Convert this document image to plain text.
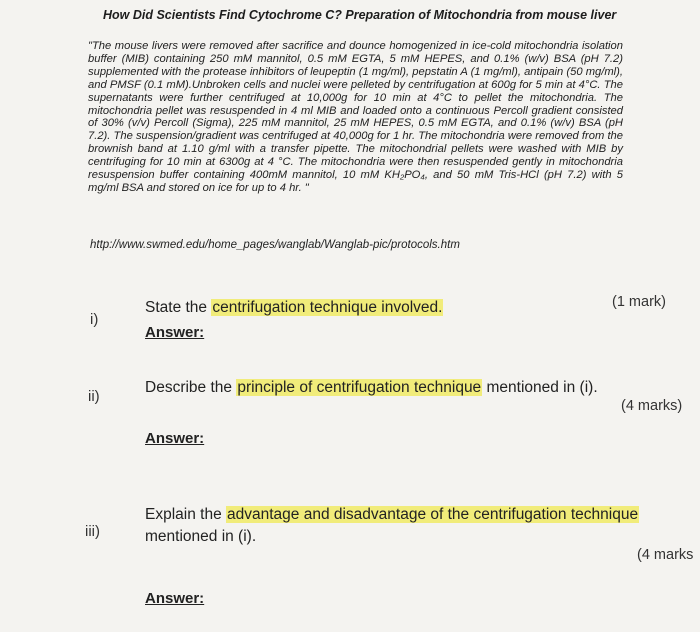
How Did Scientists Find Cytochrome C? Preparation of Mitochondria from mouse liver
"The mouse livers were removed after sacrifice and dounce homogenized in ice-cold mitochondria isolation buffer (MIB) containing 250 mM mannitol, 0.5 mM EGTA, 5 mM HEPES, and 0.1% (w/v) BSA (pH 7.2) supplemented with the protease inhibitors of leupeptin (1 mg/ml), pepstatin A (1 mg/ml), antipain (50 mg/ml), and PMSF (0.1 mM).Unbroken cells and nuclei were pelleted by centrifugation at 600g for 5 min at 4°C. The supernatants were further centrifuged at 10,000g for 10 min at 4°C to pellet the mitochondria. The mitochondria pellet was resuspended in 4 ml MIB and loaded onto a continuous Percoll gradient consisted of 30% (v/v) Percoll (Sigma), 225 mM mannitol, 25 mM HEPES, 0.5 mM EGTA, and 0.1% (w/v) BSA (pH 7.2). The suspension/gradient was centrifuged at 40,000g for 1 hr. The mitochondria were removed from the brownish band at 1.10 g/ml with a transfer pipette. The mitochondrial pellets were washed with MIB by centrifuging for 10 min at 6300g at 4 °C. The mitochondria were then resuspended gently in mitochondria resuspension buffer containing 400mM mannitol, 10 mM KH₂PO₄, and 50 mM Tris-HCl (pH 7.2) with 5 mg/ml BSA and stored on ice for up to 4 hr. "
http://www.swmed.edu/home_pages/wanglab/Wanglab-pic/protocols.htm
i)
State the centrifugation technique involved.	(1 mark)
Answer:
ii)
Describe the principle of centrifugation technique mentioned in (i).
(4 marks)
Answer:
iii)
Explain the advantage and disadvantage of the centrifugation technique mentioned in (i).
(4 marks
Answer:
